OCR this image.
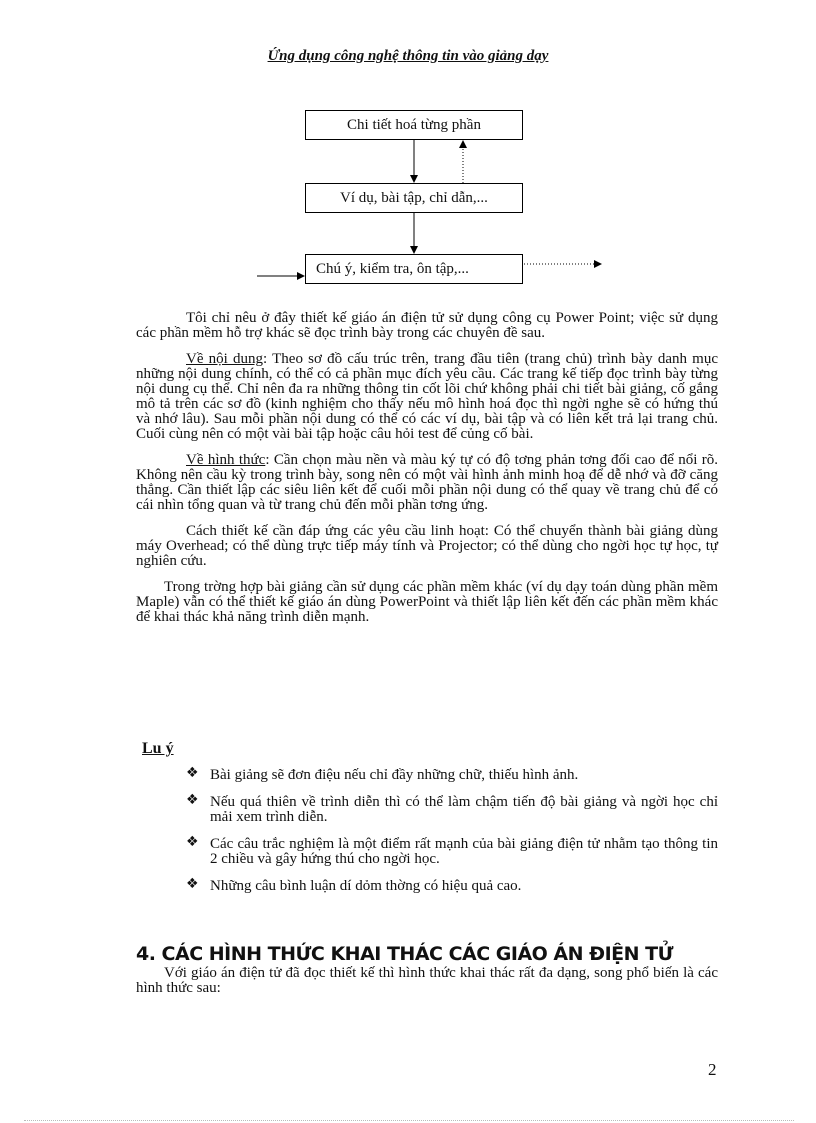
Ứng dụng công nghệ thông tin vào giảng dạy
Chi tiết hoá từng phần
Ví dụ, bài tập, chỉ dẫn,...
Chú ý, kiểm tra, ôn tập,...

Tôi chỉ nêu ở đây thiết kế giáo án điện tử sử dụng công cụ Power Point; việc sử dụng các phần mềm hỗ trợ khác sẽ đọc trình bày trong các chuyên đề sau.

Về nội dung: Theo sơ đồ cấu trúc trên, trang đầu tiên (trang chủ) trình bày danh mục những nội dung chính, có thể có cả phần mục đích yêu cầu. Các trang kế tiếp đọc trình bày từng nội dung cụ thể. Chỉ nên đa ra những thông tin cốt lõi chứ không phải chi tiết bài giảng, cố gắng mô tả trên các sơ đồ (kinh nghiệm cho thấy nếu mô hình hoá đọc thì ngời nghe sẽ có hứng thú và nhớ lâu). Sau mỗi phần nội dung có thể có các ví dụ, bài tập và có liên kết trả lại trang chủ. Cuối cùng nên có một vài bài tập hoặc câu hỏi test để củng cố bài.

Về hình thức: Cần chọn màu nền và màu ký tự có độ tơng phản tơng đối cao để nổi rõ. Không nên cầu kỳ trong trình bày, song nên có một vài hình ảnh minh hoạ để dễ nhớ và đỡ căng thẳng. Cần thiết lập các siêu liên kết để cuối mỗi phần nội dung có thể quay về trang chủ để có cái nhìn tổng quan và từ trang chủ đến mỗi phần tơng ứng.

Cách thiết kế cần đáp ứng các yêu cầu linh hoạt: Có thể chuyển thành bài giảng dùng máy Overhead; có thể dùng trực tiếp máy tính và Projector; có thể dùng cho ngời học tự học, tự nghiên cứu.

Trong trờng hợp bài giảng cần sử dụng các phần mềm khác (ví dụ dạy toán dùng phần mềm Maple) vẫn có thể thiết kế giáo án dùng PowerPoint và thiết lập liên kết đến các phần mềm khác để khai thác khả năng trình diễn mạnh.

Lu ý
❖ Bài giảng sẽ đơn điệu nếu chỉ đầy những chữ, thiếu hình ảnh.
❖ Nếu quá thiên về trình diễn thì có thể làm chậm tiến độ bài giảng và ngời học chỉ mải xem trình diễn.
❖ Các câu trắc nghiệm là một điểm rất mạnh của bài giảng điện tử nhằm tạo thông tin 2 chiều và gây hứng thú cho ngời học.
❖ Những câu bình luận dí dỏm thờng có hiệu quả cao.
4. CÁC HÌNH THỨC KHAI THÁC CÁC GIÁO ÁN ĐIỆN TỬ

Với giáo án điện tử đã đọc thiết kế thì hình thức khai thác rất đa dạng, song phổ biến là các hình thức sau:

2
